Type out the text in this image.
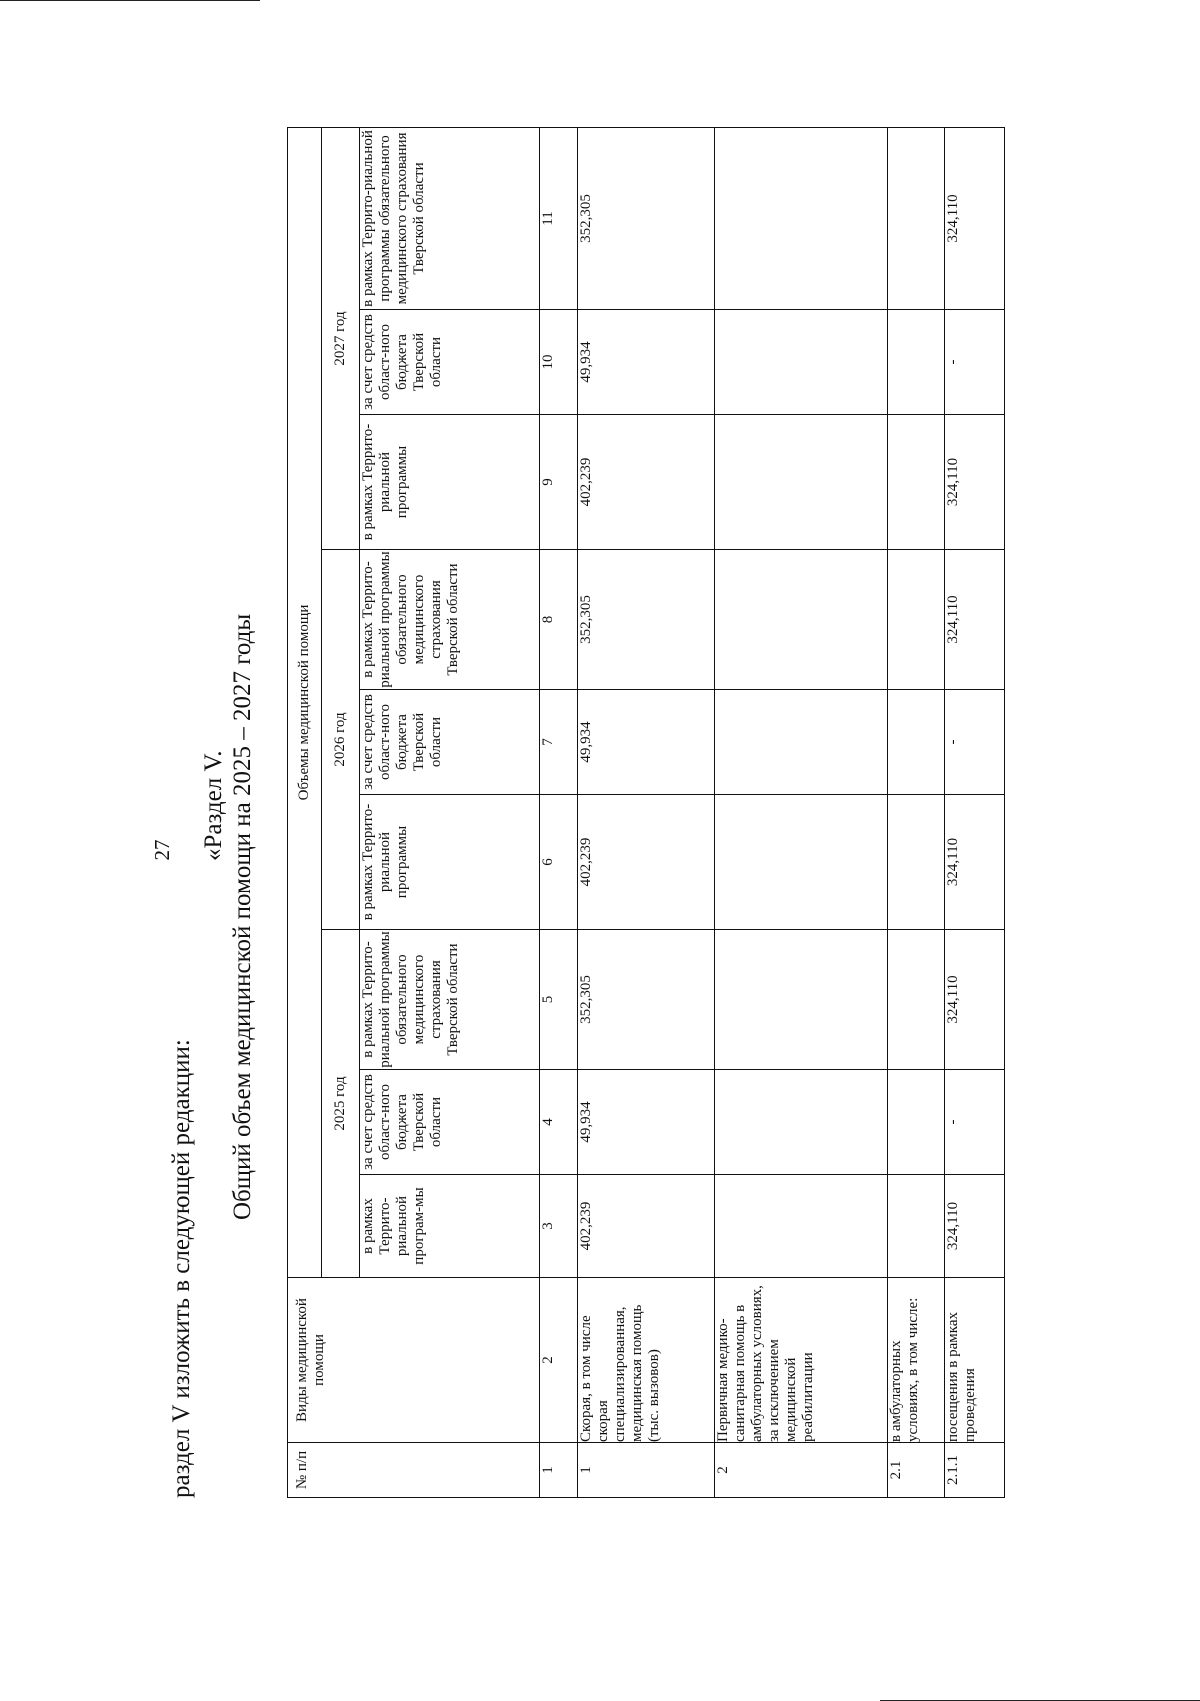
27
раздел V изложить в следующей редакции:
«Раздел V. Общий объем медицинской помощи на 2025 – 2027 годы
№ п/п	Виды медицинской помощи	Объемы медицинской помощи								
		2025 год			2026 год			2027 год		
		в рамках Террито-риальной програм-мы	за счет средств област-ного бюджета Тверской области	в рамках Террито-риальной программы обязательного медицинского страхования Тверской области	в рамках Террито-риальной программы	за счет средств област-ного бюджета Тверской области	в рамках Террито-риальной программы обязательного медицинского страхования Тверской области	в рамках Террито-риальной программы	за счет средств област-ного бюджета Тверской области	в рамках Террито-риальной программы обязательного медицинского страхования Тверской области
1	2	3	4	5	6	7	8	9	10	11
1	Скорая, в том числе скорая специализированная, медицинская помощь (тыс. вызовов)	402,239	49,934	352,305	402,239	49,934	352,305	402,239	49,934	352,305
2	Первичная медико-санитарная помощь в амбулаторных условиях, за исключением медицинской реабилитации									
2.1	в амбулаторных условиях, в том числе:									
2.1.1	посещения в рамках проведения	324,110	-	324,110	324,110	-	324,110	324,110	-	324,110
